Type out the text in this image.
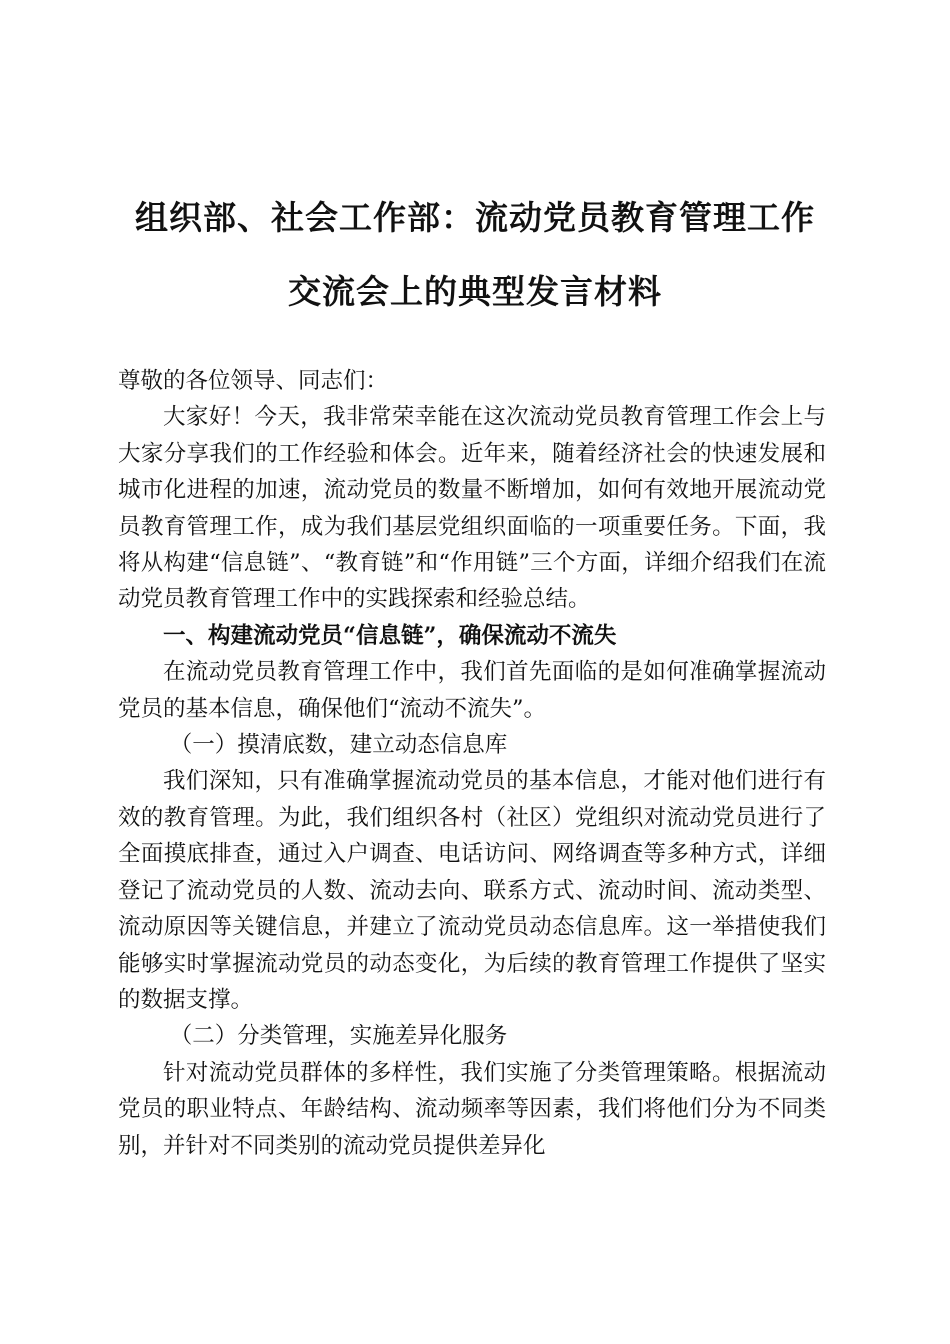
组织部、社会工作部：流动党员教育管理工作
交流会上的典型发言材料

尊敬的各位领导、同志们：

大家好！今天，我非常荣幸能在这次流动党员教育管理工作会上与大家分享我们的工作经验和体会。近年来，随着经济社会的快速发展和城市化进程的加速，流动党员的数量不断增加，如何有效地开展流动党员教育管理工作，成为我们基层党组织面临的一项重要任务。下面，我将从构建“信息链”、“教育链”和“作用链”三个方面，详细介绍我们在流动党员教育管理工作中的实践探索和经验总结。

一、构建流动党员“信息链”，确保流动不流失

在流动党员教育管理工作中，我们首先面临的是如何准确掌握流动党员的基本信息，确保他们“流动不流失”。

（一）摸清底数，建立动态信息库

我们深知，只有准确掌握流动党员的基本信息，才能对他们进行有效的教育管理。为此，我们组织各村（社区）党组织对流动党员进行了全面摸底排查，通过入户调查、电话访问、网络调查等多种方式，详细登记了流动党员的人数、流动去向、联系方式、流动时间、流动类型、流动原因等关键信息，并建立了流动党员动态信息库。这一举措使我们能够实时掌握流动党员的动态变化，为后续的教育管理工作提供了坚实的数据支撑。

（二）分类管理，实施差异化服务

针对流动党员群体的多样性，我们实施了分类管理策略。根据流动党员的职业特点、年龄结构、流动频率等因素，我们将他们分为不同类别，并针对不同类别的流动党员提供差异化
